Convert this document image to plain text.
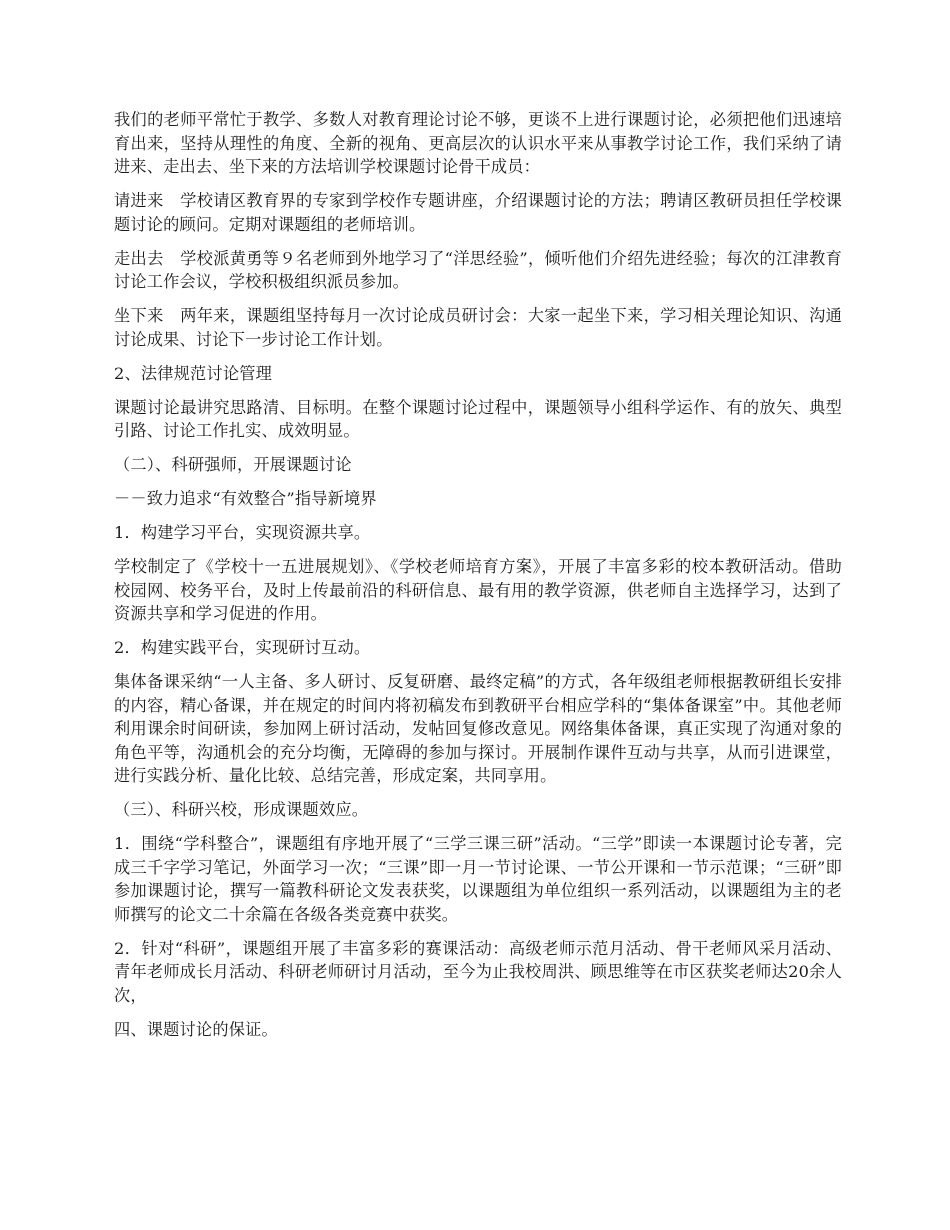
我们的老师平常忙于教学、多数人对教育理论讨论不够，更谈不上进行课题讨论，必须把他们迅速培育出来，坚持从理性的角度、全新的视角、更高层次的认识水平来从事教学讨论工作，我们采纳了请进来、走出去、坐下来的方法培训学校课题讨论骨干成员：

请进来　学校请区教育界的专家到学校作专题讲座，介绍课题讨论的方法；聘请区教研员担任学校课题讨论的顾问。定期对课题组的老师培训。

走出去　学校派黄勇等９名老师到外地学习了“洋思经验”，倾听他们介绍先进经验；每次的江津教育讨论工作会议，学校积极组织派员参加。

坐下来　两年来，课题组坚持每月一次讨论成员研讨会：大家一起坐下来，学习相关理论知识、沟通讨论成果、讨论下一步讨论工作计划。

2、法律规范讨论管理

课题讨论最讲究思路清、目标明。在整个课题讨论过程中，课题领导小组科学运作、有的放矢、典型引路、讨论工作扎实、成效明显。

（二）、科研强师，开展课题讨论

－－致力追求“有效整合”指导新境界

1．构建学习平台，实现资源共享。

学校制定了《学校十一五进展规划》、《学校老师培育方案》，开展了丰富多彩的校本教研活动。借助校园网、校务平台，及时上传最前沿的科研信息、最有用的教学资源，供老师自主选择学习，达到了资源共享和学习促进的作用。

2．构建实践平台，实现研讨互动。

集体备课采纳“一人主备、多人研讨、反复研磨、最终定稿”的方式，各年级组老师根据教研组长安排的内容，精心备课，并在规定的时间内将初稿发布到教研平台相应学科的“集体备课室”中。其他老师利用课余时间研读，参加网上研讨活动，发帖回复修改意见。网络集体备课，真正实现了沟通对象的角色平等，沟通机会的充分均衡，无障碍的参加与探讨。开展制作课件互动与共享，从而引进课堂，进行实践分析、量化比较、总结完善，形成定案，共同享用。

（三）、科研兴校，形成课题效应。

1．围绕“学科整合”，课题组有序地开展了“三学三课三研”活动。“三学”即读一本课题讨论专著，完成三千字学习笔记，外面学习一次；“三课”即一月一节讨论课、一节公开课和一节示范课；“三研”即参加课题讨论，撰写一篇教科研论文发表获奖，以课题组为单位组织一系列活动，以课题组为主的老师撰写的论文二十余篇在各级各类竞赛中获奖。

2．针对“科研”，课题组开展了丰富多彩的赛课活动：高级老师示范月活动、骨干老师风采月活动、青年老师成长月活动、科研老师研讨月活动，至今为止我校周洪、顾思维等在市区获奖老师达20余人次，

四、课题讨论的保证。
